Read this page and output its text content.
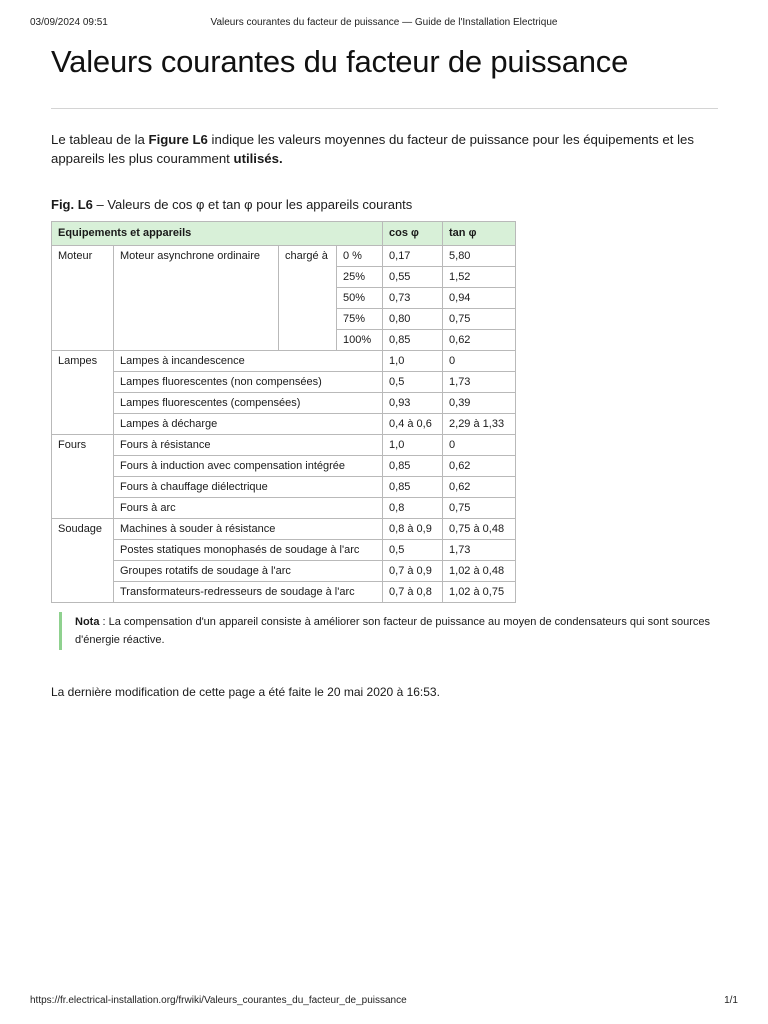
03/09/2024 09:51	Valeurs courantes du facteur de puissance — Guide de l'Installation Electrique
Valeurs courantes du facteur de puissance

Le tableau de la Figure L6 indique les valeurs moyennes du facteur de puissance pour les équipements et les appareils les plus couramment utilisés.

Fig. L6 – Valeurs de cos φ et tan φ pour les appareils courants

Equipements et appareils				cos φ	tan φ
Moteur	Moteur asynchrone ordinaire	chargé à	0 %	0,17	5,80
			25%	0,55	1,52
			50%	0,73	0,94
			75%	0,80	0,75
			100%	0,85	0,62
Lampes	Lampes à incandescence			1,0	0
	Lampes fluorescentes (non compensées)			0,5	1,73
	Lampes fluorescentes (compensées)			0,93	0,39
	Lampes à décharge			0,4 à 0,6	2,29 à 1,33
Fours	Fours à résistance			1,0	0
	Fours à induction avec compensation intégrée			0,85	0,62
	Fours à chauffage diélectrique			0,85	0,62
	Fours à arc			0,8	0,75
Soudage	Machines à souder à résistance			0,8 à 0,9	0,75 à 0,48
	Postes statiques monophasés de soudage à l'arc			0,5	1,73
	Groupes rotatifs de soudage à l'arc			0,7 à 0,9	1,02 à 0,48
	Transformateurs-redresseurs de soudage à l'arc			0,7 à 0,8	1,02 à 0,75
Nota : La compensation d'un appareil consiste à améliorer son facteur de puissance au moyen de condensateurs qui sont sources d'énergie réactive.

La dernière modification de cette page a été faite le 20 mai 2020 à 16:53.

https://fr.electrical-installation.org/frwiki/Valeurs_courantes_du_facteur_de_puissance	1/1
